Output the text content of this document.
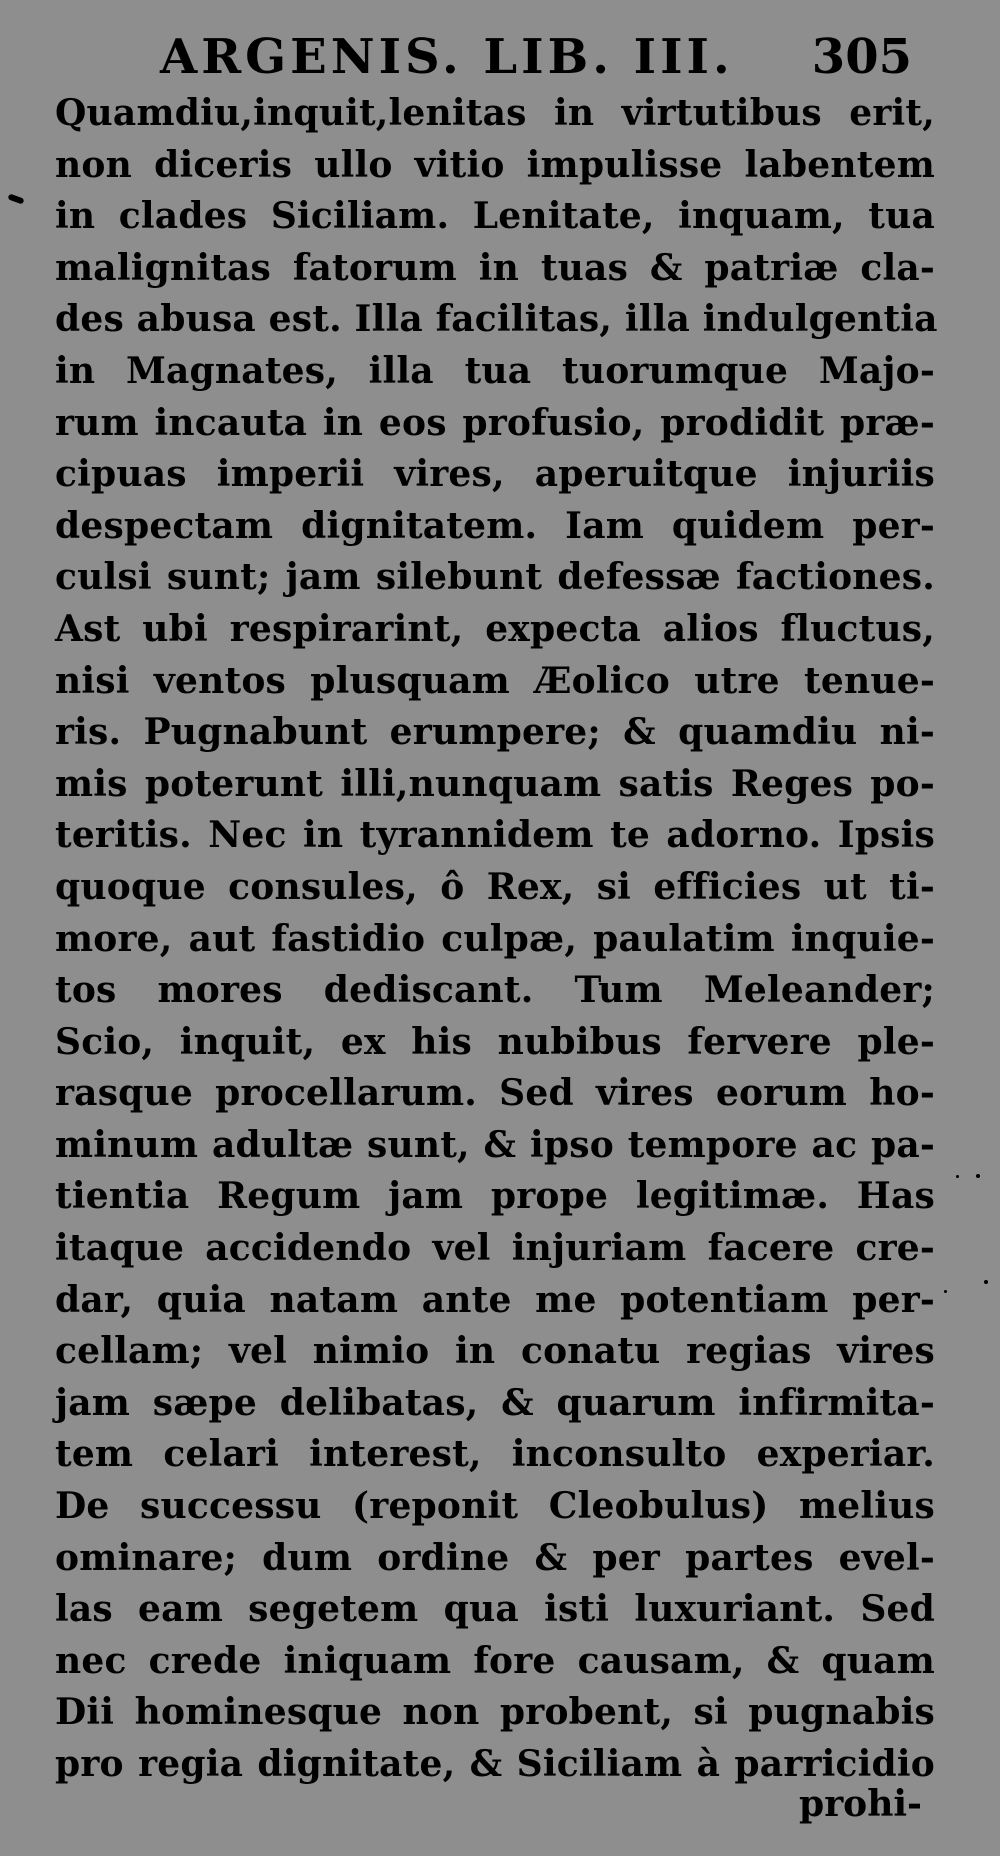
ARGENIS. LIB. III. 305
Quamdiu,inquit,lenitas in virtutibus erit,
non diceris ullo vitio impulisse labentem
in clades Siciliam. Lenitate, inquam, tua
malignitas fatorum in tuas & patriæ cla-
des abusa est. Illa facilitas, illa indulgentia
in Magnates, illa tua tuorumque Majo-
rum incauta in eos profusio, prodidit præ-
cipuas imperii vires, aperuitque injuriis
despectam dignitatem. Iam quidem per-
culsi sunt; jam silebunt defessæ factiones.
Ast ubi respirarint, expecta alios fluctus,
nisi ventos plusquam Æolico utre tenue-
ris. Pugnabunt erumpere; & quamdiu ni-
mis poterunt illi,nunquam satis Reges po-
teritis. Nec in tyrannidem te adorno. Ipsis
quoque consules, ô Rex, si efficies ut ti-
more, aut fastidio culpæ, paulatim inquie-
tos mores dediscant. Tum Meleander;
Scio, inquit, ex his nubibus fervere ple-
rasque procellarum. Sed vires eorum ho-
minum adultæ sunt, & ipso tempore ac pa-
tientia Regum jam prope legitimæ. Has
itaque accidendo vel injuriam facere cre-
dar, quia natam ante me potentiam per-
cellam; vel nimio in conatu regias vires
jam sæpe delibatas, & quarum infirmita-
tem celari interest, inconsulto experiar.
De successu (reponit Cleobulus) melius
ominare; dum ordine & per partes evel-
las eam segetem qua isti luxuriant. Sed
nec crede iniquam fore causam, & quam
Dii hominesque non probent, si pugnabis
pro regia dignitate, & Siciliam à parricidio
prohi-
